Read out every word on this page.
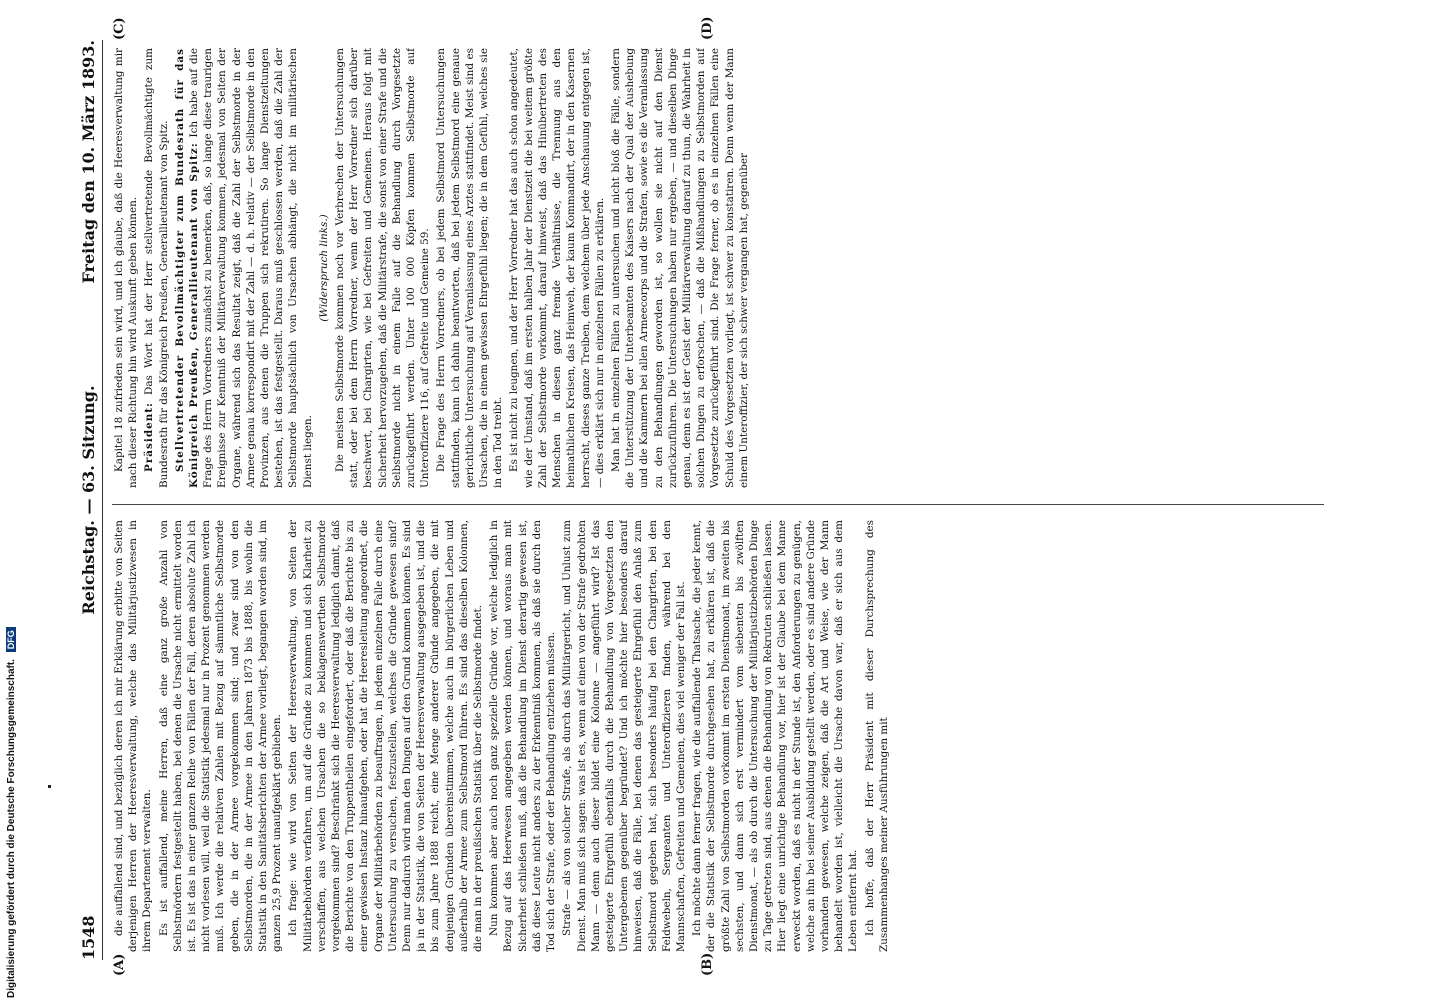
1548
Reichstag. — 63. Sitzung.
Freitag den 10. März 1893.
(A)	(B)
(C)	(D)

die auffallend sind, und bezüglich deren ich mir Erklärung erbitte von Seiten derjenigen Herren der Heeresverwaltung, welche das Militärjustizwesen in ihrem Departement verwalten. Es ist auffallend, meine Herren, daß eine ganz große Anzahl von Selbstmördern festgestellt haben, bei denen die Ursache nicht ermittelt worden ist. Es ist das in einer ganzen Reihe von Fällen der Fall, deren absolute Zahl ich nicht vorlesen will, weil die Statistik jedesmal nur in Prozent genommen werden muß. Ich werde die relativen Zahlen mit Bezug auf sämmtliche Selbstmorde geben, die in der Armee vorgekommen sind; und zwar sind von den Selbstmorden, die in der Armee in den Jahren 1873 bis 1888, bis wohin die Statistik in den Sanitätsberichten der Armee vorliegt, begangen worden sind, im ganzen 25,9 Prozent unaufgeklärt geblieben. Ich frage: wie wird von Seiten der Heeresverwaltung, von Seiten der Militärbehörden verfahren, um auf die Gründe zu kommen und sich Klarheit zu verschaffen, aus welchen Ursachen die so beklagenswerthen Selbstmorde vorgekommen sind? Beschränkt sich die Heeresverwaltung lediglich damit, daß die Berichte von den Truppentheilen eingefordert, oder daß die Berichte bis zu einer gewissen Instanz hinaufgehen, oder hat die Heeresleitung angeordnet, die Organe der Militärbehörden zu beauftragen, in jedem einzelnen Falle durch eine Untersuchung zu versuchen, festzustellen, welches die Gründe gewesen sind? Denn nur dadurch wird man den Dingen auf den Grund kommen können. Es sind ja in der Statistik, die von Seiten der Heeresverwaltung ausgegeben ist, und die bis zum Jahre 1888 reicht, eine Menge anderer Gründe angegeben, die mit denjenigen Gründen übereinstimmen, welche auch im bürgerlichen Leben und außerhalb der Armee zum Selbstmord führen. Es sind das dieselben Kolonnen, die man in der preußischen Statistik über die Selbstmorde findet. Nun kommen aber auch noch ganz spezielle Gründe vor, welche lediglich in Bezug auf das Heerwesen angegeben werden können, und woraus man mit Sicherheit schließen muß, daß die Behandlung im Dienst derartig gewesen ist, daß diese Leute nicht anders zu der Erkenntniß kommen, als daß sie durch den Tod sich der Strafe, oder der Behandlung entziehen müssen. Strafe — als von solcher Strafe, als durch das Militärgericht, und Unlust zum Dienst. Man muß sich sagen: was ist es, wenn auf einen von der Strafe gedrohten Mann — denn auch dieser bildet eine Kolonne — angeführt wird? Ist das gesteigerte Ehrgefühl ebenfalls durch die Behandlung von Vorgesetzten den Untergebenen gegenüber begründet? Und ich möchte hier besonders darauf hinweisen, daß die Fälle, bei denen das gesteigerte Ehrgefühl den Anlaß zum Selbstmord gegeben hat, sich besonders häufig bei den Chargirten, bei den Feldwebeln, Sergeanten und Unteroffizieren finden, während bei den Mannschaften, Gefreiten und Gemeinen, dies viel weniger der Fall ist. Ich möchte dann ferner fragen, wie die auffallende Thatsache, die jeder kennt, der die Statistik der Selbstmorde durchgesehen hat, zu erklären ist, daß die größte Zahl von Selbstmorden vorkommt im ersten Dienstmonat, im zweiten bis sechsten, und dann sich erst vermindert vom siebenten bis zwölften Dienstmonat, — als ob durch die Untersuchung der Militärjustizbehörden Dinge zu Tage getreten sind, aus denen die Behandlung von Rekruten schließen lassen. Hier liegt eine unrichtige Behandlung vor, hier ist der Glaube bei dem Manne erweckt worden, daß es nicht in der Stunde ist, den Anforderungen zu genügen, welche an ihn bei seiner Ausbildung gestellt werden, oder es sind andere Gründe vorhanden gewesen, welche zeigen, daß die Art und Weise, wie der Mann behandelt worden ist, vielleicht die Ursache davon war, daß er sich aus dem Leben entfernt hat. Ich hoffe, daß der Herr Präsident mit dieser Durchsprechung des Zusammenhanges meiner Ausführungen mit

Kapitel 18 zufrieden sein wird, und ich glaube, daß die Heeresverwaltung mir nach dieser Richtung hin wird Auskunft geben können. Präsident: Das Wort hat der Herr stellvertretende Bevollmächtigte zum Bundesrath für das Königreich Preußen, Generallieutenant von Spitz. Stellvertretender Bevollmächtigter zum Bundesrath für das Königreich Preußen, Generallieutenant von Spitz: Ich habe auf die Frage des Herrn Vorredners zunächst zu bemerken, daß, so lange diese traurigen Ereignisse zur Kenntniß der Militärverwaltung kommen, jedesmal von Seiten der Organe, während sich das Resultat zeigt, daß die Zahl der Selbstmorde in der Armee genau korrespondirt mit der Zahl — d. h. relativ — der Selbstmorde in den Provinzen, aus denen die Truppen sich rekrutiren. So lange Dienstzeitungen bestehen, ist das festgestellt. Daraus muß geschlossen werden, daß die Zahl der Selbstmorde hauptsächlich von Ursachen abhängt, die nicht im militärischen Dienst liegen.

(Widerspruch links.) Die meisten Selbstmorde kommen noch vor Verbrechen der Untersuchungen statt, oder bei dem Herrn Vorredner, wenn der Herr Vorredner sich darüber beschwert, bei Chargirten, wie bei Gefreiten und Gemeinen. Heraus folgt mit Sicherheit hervorzugehen, daß die Militärstrafe, die sonst von einer Strafe und die Selbstmorde nicht in einem Falle auf die Behandlung durch Vorgesetzte zurückgeführt werden. Unter 100 000 Köpfen kommen Selbstmorde auf Unteroffiziere 116, auf Gefreite und Gemeine 59. Die Frage des Herrn Vorredners, ob bei jedem Selbstmord Untersuchungen stattfinden, kann ich dahin beantworten, daß bei jedem Selbstmord eine genaue gerichtliche Untersuchung auf Veranlassung eines Arztes stattfindet. Meist sind es Ursachen, die in einem gewissen Ehrgefühl liegen; die in dem Gefühl, welches sie in den Tod treibt. Es ist nicht zu leugnen, und der Herr Vorredner hat das auch schon angedeutet, wie der Umstand, daß im ersten halben Jahr der Dienstzeit die bei weitem größte Zahl der Selbstmorde vorkommt, darauf hinweist, daß das Hinübertreten des Menschen in diesen ganz fremde Verhältnisse, die Trennung aus den heimathlichen Kreisen, das Heimweh, der kaum Kommandirt, der in den Kasernen herrscht, dieses ganze Treiben, dem welchem über jede Anschauung entgegen ist, — dies erklärt sich nur in einzelnen Fällen zu erklären. Man hat in einzelnen Fällen zu untersuchen und nicht bloß die Fälle, sondern die Unterstützung der Unterbeamten des Kaisers nach der Qual der Aushebung und die Kammern bei allen Armeecorps und die Strafen, sowie es die Veranlassung zu den Behandlungen geworden ist, so wollen sie nicht auf den Dienst zurückzuführen. Die Untersuchungen haben nur ergeben, — und dieselben Dinge genau, denn es ist der Geist der Militärverwaltung darauf zu thun, die Wahrheit in solchen Dingen zu erforschen, — daß die Mißhandlungen zu Selbstmorden auf Vorgesetzte zurückgeführt sind. Die Frage ferner, ob es in einzelnen Fällen eine Schuld des Vorgesetzten vorliegt, ist schwer zu konstatiren. Denn wenn der Mann einem Unteroffizier, der sich schwer vergangen hat, gegenüber

Digitalisierung gefördert durch die Deutsche Forschungsgemeinschaft. DFG
